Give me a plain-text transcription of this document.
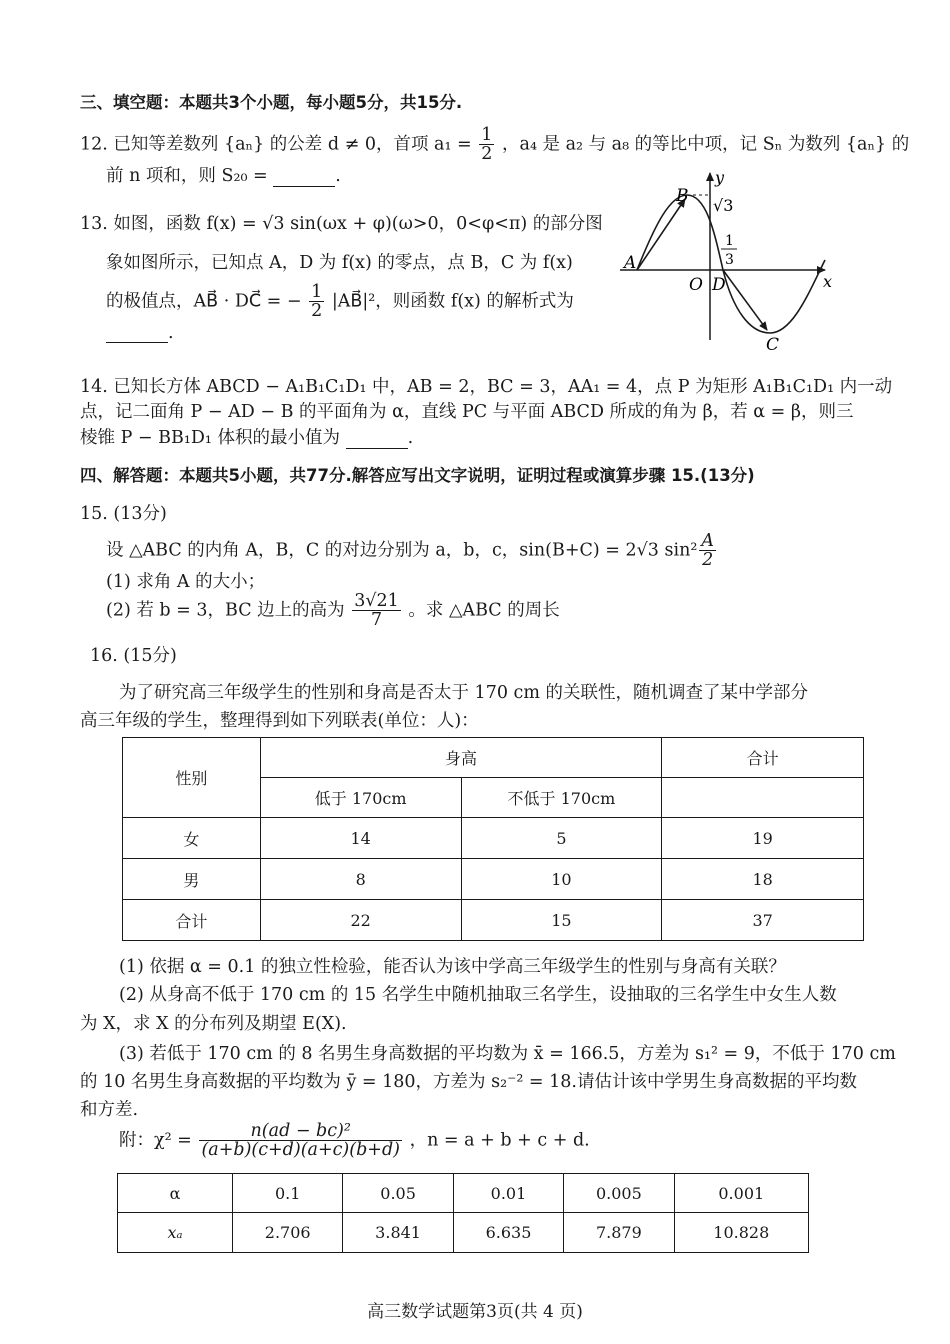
三、填空题：本题共3个小题，每小题5分，共15分.
12. 已知等差数列 {aₙ} 的公差 d ≠ 0，首项 $a_1 = \frac{1}{2}$ ，a₄ 是 a₂ 与 a₈ 的等比中项，记 Sₙ 为数列 {aₙ} 的
前 n 项和，则 S₂₀ =	.
13. 如图，函数 f(x) = √3 sin(ωx + φ)(ω>0，0<φ<π) 的部分图
象如图所示，已知点 A，D 为 f(x) 的零点，点 B，C 为 f(x)
的极值点，AB⃗ · DC⃗ = − $\frac{1}{2}$ |AB⃗|²，则函数 f(x) 的解析式为
.
y
x
B √3
1
3
A
O D
C
14. 已知长方体 ABCD − A₁B₁C₁D₁ 中，AB = 2，BC = 3，AA₁ = 4，点 P 为矩形 A₁B₁C₁D₁ 内一动
点，记二面角 P − AD − B 的平面角为 α，直线 PC 与平面 ABCD 所成的角为 β，若 α = β，则三
棱锥 P − BB₁D₁ 体积的最小值为	.
四、解答题：本题共5小题，共77分.解答应写出文字说明，证明过程或演算步骤 15.(13分)
15. (13分)
设 △ABC 的内角 A，B，C 的对边分别为 a，b，c，sin(B+C) = 2√3 $\sin^2 \frac{A}{2}$
(1) 求角 A 的大小；
(2) 若 b = 3，BC 边上的高为 $\frac{3√21}{7}$ 。求 △ABC 的周长
16. (15分)
为了研究高三年级学生的性别和身高是否太于 170 cm 的关联性，随机调查了某中学部分
高三年级的学生，整理得到如下列联表(单位：人)：
性别	身高		合计
	低于 170cm	不低于 170cm	
女	14	5	19
男	8	10	18
合计	22	15	37
(1) 依据 α = 0.1 的独立性检验，能否认为该中学高三年级学生的性别与身高有关联？
(2) 从身高不低于 170 cm 的 15 名学生中随机抽取三名学生，设抽取的三名学生中女生人数
为 X，求 X 的分布列及期望 E(X).
(3) 若低于 170 cm 的 8 名男生身高数据的平均数为 x̄ = 166.5，方差为 s₁² = 9，不低于 170 cm
的 10 名男生身高数据的平均数为 ȳ = 180，方差为 s₂⁻² = 18.请估计该中学男生身高数据的平均数
和方差.
附：$\chi^2 = \frac{\text{n(ad − bc)²}}{(a+b)(c+d)(a+c)(b+d)}$ ，n = a + b + c + d.
α	0.1	0.05	0.01	0.005	0.001
xₐ	2.706	3.841	6.635	7.879	10.828
高三数学试题第3页(共 4 页)
